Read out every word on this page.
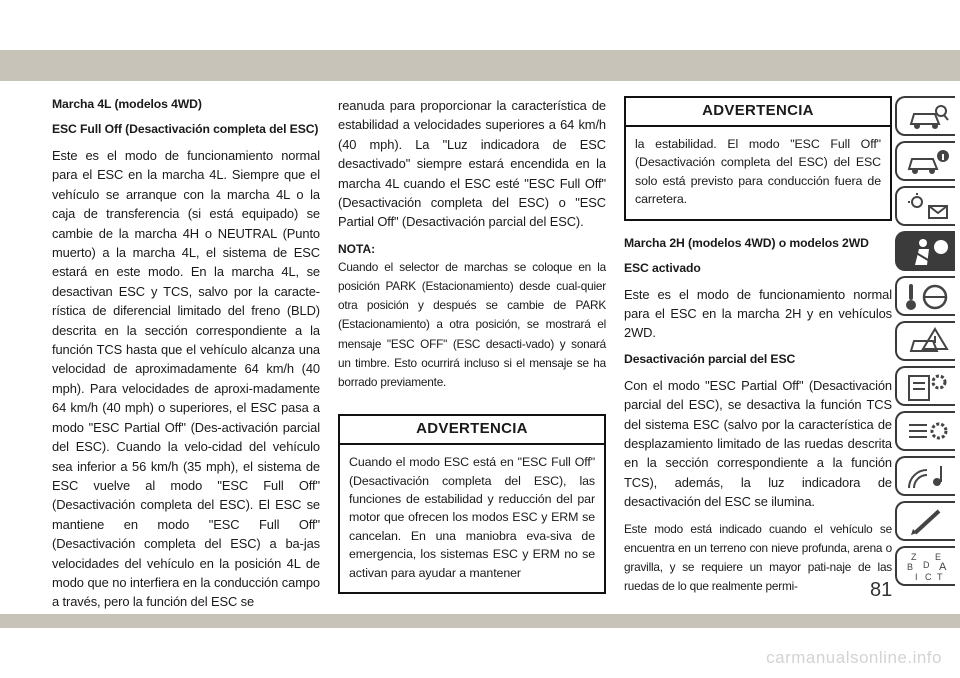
Marcha 4L (modelos 4WD)
ESC Full Off (Desactivación completa del ESC)
Este es el modo de funcionamiento normal para el ESC en la marcha 4L. Siempre que el vehículo se arranque con la marcha 4L o la caja de transferencia (si está equipado) se cambie de la marcha 4H o NEUTRAL (Punto muerto) a la marcha 4L, el sistema de ESC estará en este modo. En la marcha 4L, se desactivan ESC y TCS, salvo por la caracte-rística de diferencial limitado del freno (BLD) descrita en la sección correspondiente a la función TCS hasta que el vehículo alcanza una velocidad de aproximadamente 64 km/h (40 mph). Para velocidades de aproxi-madamente 64 km/h (40 mph) o superiores, el ESC pasa a modo "ESC Partial Off" (Des-activación parcial del ESC). Cuando la velo-cidad del vehículo sea inferior a 56 km/h (35 mph), el sistema de ESC vuelve al modo "ESC Full Off" (Desactivación completa del ESC). El ESC se mantiene en modo "ESC Full Off" (Desactivación completa del ESC) a ba-jas velocidades del vehículo en la posición 4L de modo que no interfiera en la conducción campo a través, pero la función del ESC se
reanuda para proporcionar la característica de estabilidad a velocidades superiores a 64 km/h (40 mph). La "Luz indicadora de ESC desactivado" siempre estará encendida en la marcha 4L cuando el ESC esté "ESC Full Off" (Desactivación completa del ESC) o "ESC Partial Off" (Desactivación parcial del ESC).
NOTA:
Cuando el selector de marchas se coloque en la posición PARK (Estacionamiento) desde cual-quier otra posición y después se cambie de PARK (Estacionamiento) a otra posición, se mostrará el mensaje "ESC OFF" (ESC desacti-vado) y sonará un timbre. Esto ocurrirá incluso si el mensaje se ha borrado previamente.
ADVERTENCIA
Cuando el modo ESC está en "ESC Full Off" (Desactivación completa del ESC), las funciones de estabilidad y reducción del par motor que ofrecen los modos ESC y ERM se cancelan. En una maniobra eva-siva de emergencia, los sistemas ESC y ERM no se activan para ayudar a mantener
ADVERTENCIA
la estabilidad. El modo "ESC Full Off" (Desactivación completa del ESC) del ESC solo está previsto para conducción fuera de carretera.
Marcha 2H (modelos 4WD) o modelos 2WD
ESC activado
Este es el modo de funcionamiento normal para el ESC en la marcha 2H y en vehículos 2WD.
Desactivación parcial del ESC
Con el modo "ESC Partial Off" (Desactivación parcial del ESC), se desactiva la función TCS del sistema ESC (salvo por la característica de desplazamiento limitado de las ruedas descrita en la sección correspondiente a la función TCS), además, la luz indicadora de desactivación del ESC se ilumina.
Este modo está indicado cuando el vehículo se encuentra en un terreno con nieve profunda, arena o gravilla, y se requiere un mayor pati-naje de las ruedas de lo que realmente permi-
Z E
B A
D
I C T
81
carmanualsonline.info
